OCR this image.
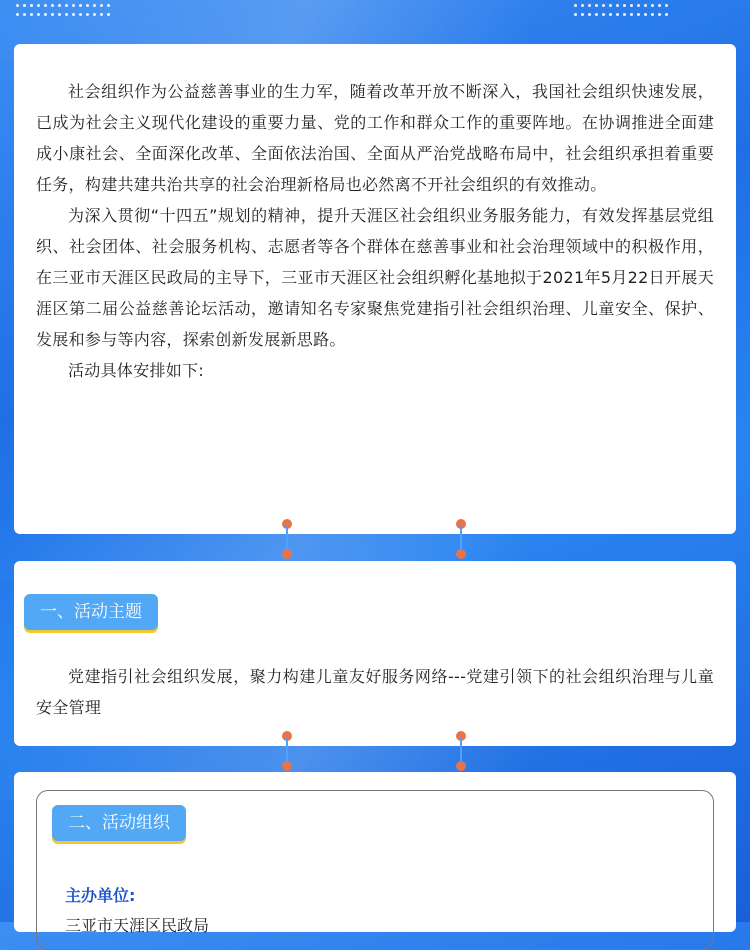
社会组织作为公益慈善事业的生力军，随着改革开放不断深入，我国社会组织快速发展，已成为社会主义现代化建设的重要力量、党的工作和群众工作的重要阵地。在协调推进全面建成小康社会、全面深化改革、全面依法治国、全面从严治党战略布局中，社会组织承担着重要任务，构建共建共治共享的社会治理新格局也必然离不开社会组织的有效推动。

为深入贯彻“十四五”规划的精神，提升天涯区社会组织业务服务能力，有效发挥基层党组织、社会团体、社会服务机构、志愿者等各个群体在慈善事业和社会治理领域中的积极作用，在三亚市天涯区民政局的主导下，三亚市天涯区社会组织孵化基地拟于2021年5月22日开展天涯区第二届公益慈善论坛活动，邀请知名专家聚焦党建指引社会组织治理、儿童安全、保护、发展和参与等内容，探索创新发展新思路。

活动具体安排如下:

一、活动主题

党建指引社会组织发展，聚力构建儿童友好服务网络---党建引领下的社会组织治理与儿童安全管理

二、活动组织
主办单位:
三亚市天涯区民政局
